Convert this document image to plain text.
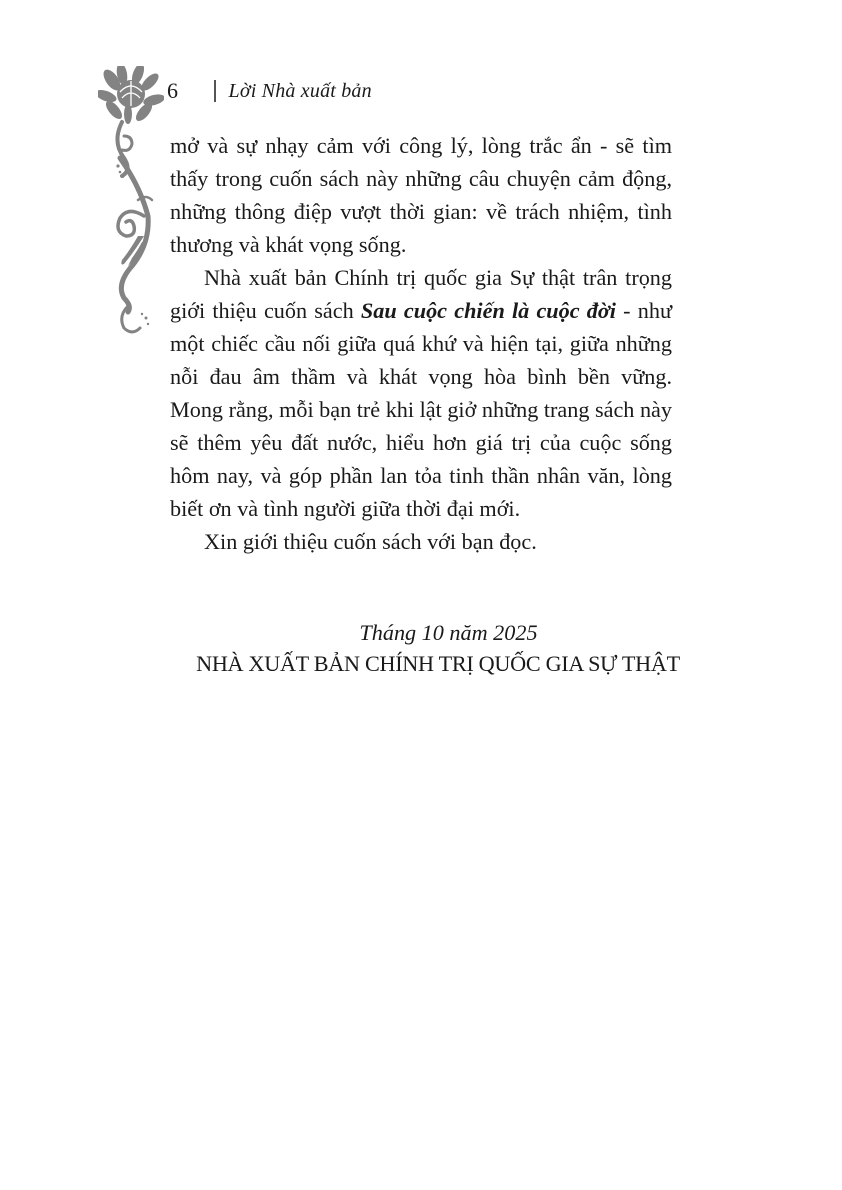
6	Lời Nhà xuất bản

mở và sự nhạy cảm với công lý, lòng trắc ẩn - sẽ tìm thấy trong cuốn sách này những câu chuyện cảm động, những thông điệp vượt thời gian: về trách nhiệm, tình thương và khát vọng sống.

Nhà xuất bản Chính trị quốc gia Sự thật trân trọng giới thiệu cuốn sách Sau cuộc chiến là cuộc đời - như một chiếc cầu nối giữa quá khứ và hiện tại, giữa những nỗi đau âm thầm và khát vọng hòa bình bền vững. Mong rằng, mỗi bạn trẻ khi lật giở những trang sách này sẽ thêm yêu đất nước, hiểu hơn giá trị của cuộc sống hôm nay, và góp phần lan tỏa tinh thần nhân văn, lòng biết ơn và tình người giữa thời đại mới.

Xin giới thiệu cuốn sách với bạn đọc.

Tháng 10 năm 2025
NHÀ XUẤT BẢN CHÍNH TRỊ QUỐC GIA SỰ THẬT
